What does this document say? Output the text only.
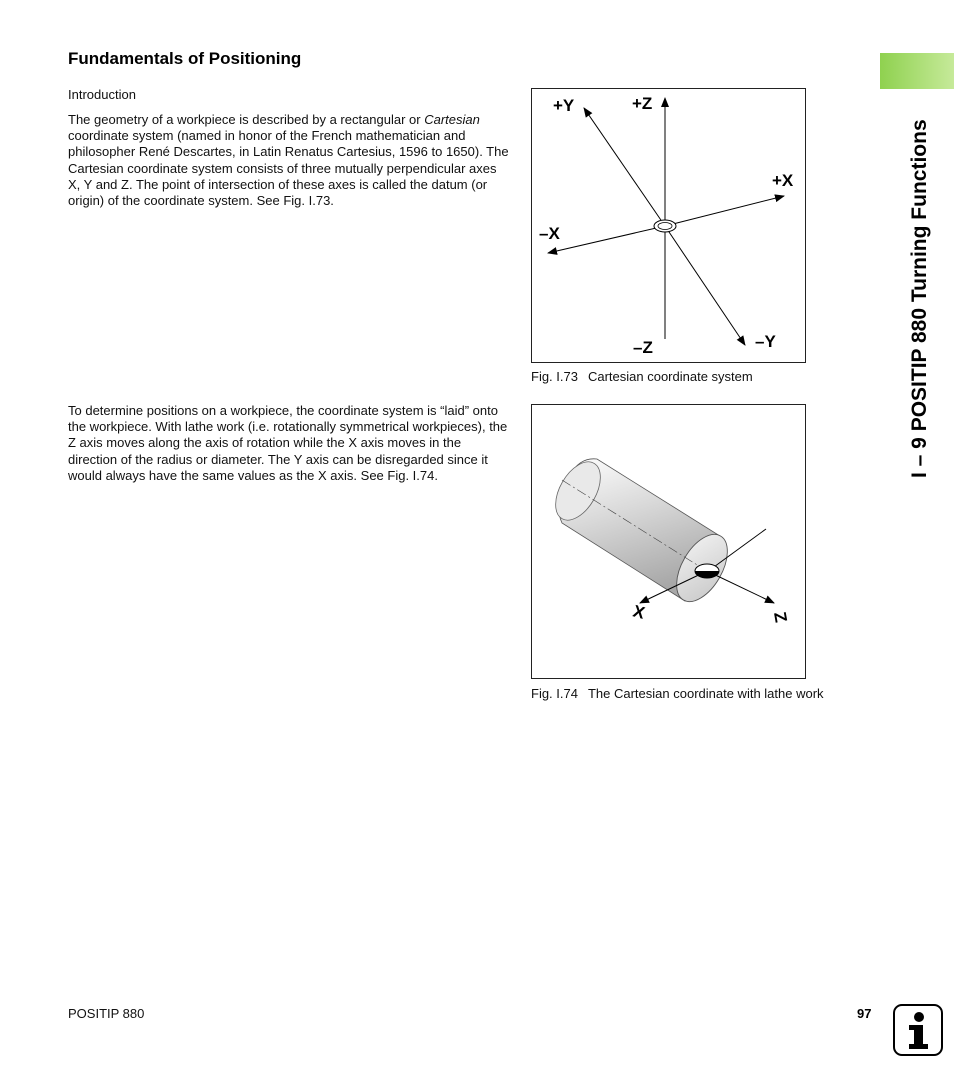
Fundamentals of Positioning
Introduction

The geometry of a workpiece is described by a rectangular or Cartesian coordinate system (named in honor of the French mathematician and philosopher René Descartes, in Latin Renatus Cartesius, 1596 to 1650). The Cartesian coordinate system consists of three mutually perpendicular axes X, Y and Z. The point of intersection of these axes is called the datum (or origin) of the coordinate system. See Fig. I.73.

To determine positions on a workpiece, the coordinate system is “laid” onto the workpiece. With lathe work (i.e. rotationally symmetrical workpieces), the Z axis moves along the axis of rotation while the X axis moves in the direction of the radius or diameter. The Y axis can be disregarded since it would always have the same values as the X axis. See Fig. I.74.

+Y	+Z
+X
–X
–Z	–Y
Fig. I.73 Cartesian coordinate system
X	Z
Fig. I.74 The Cartesian coordinate with lathe work
I – 9 POSITIP 880 Turning Functions
POSITIP 880	97
